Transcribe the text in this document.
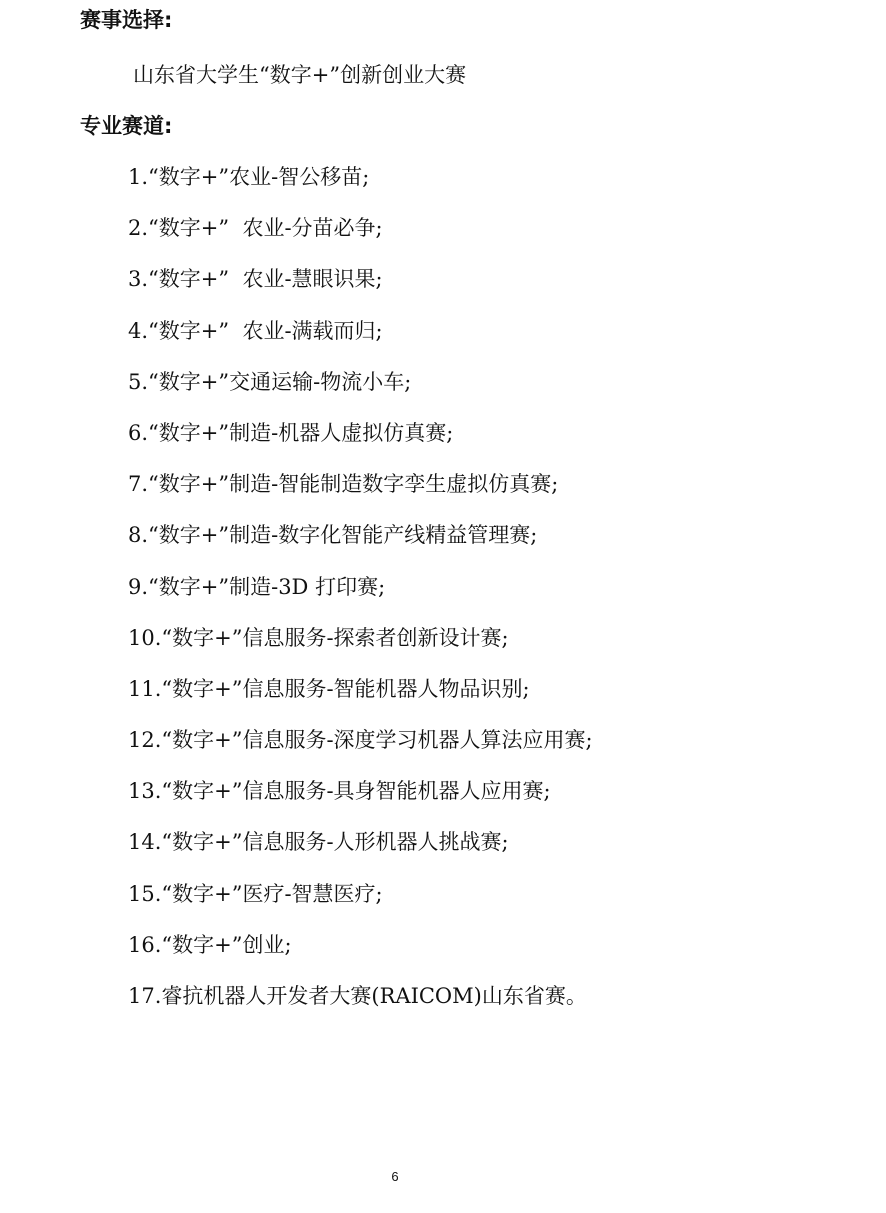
赛事选择:
山东省大学生“数字+”创新创业大赛
专业赛道:
1.“数字+”农业-智公移苗;
2.“数字+”  农业-分苗必争;
3.“数字+”  农业-慧眼识果;
4.“数字+”  农业-满载而归;
5.“数字+”交通运输-物流小车;
6.“数字+”制造-机器人虚拟仿真赛;
7.“数字+”制造-智能制造数字孪生虚拟仿真赛;
8.“数字+”制造-数字化智能产线精益管理赛;
9.“数字+”制造-3D 打印赛;
10.“数字+”信息服务-探索者创新设计赛;
11.“数字+”信息服务-智能机器人物品识别;
12.“数字+”信息服务-深度学习机器人算法应用赛;
13.“数字+”信息服务-具身智能机器人应用赛;
14.“数字+”信息服务-人形机器人挑战赛;
15.“数字+”医疗-智慧医疗;
16.“数字+”创业;
17.睿抗机器人开发者大赛(RAICOM)山东省赛。
6
